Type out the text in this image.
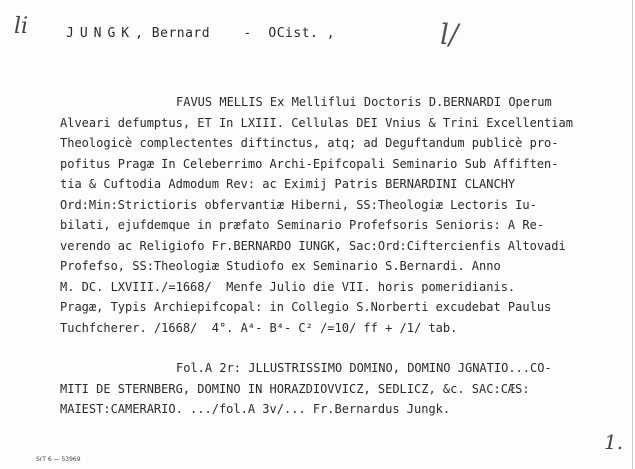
li	JUNGK, Bernard	-  OCist. ,	l/
FAVUS MELLIS Ex Melliflui Doctoris D.BERNARDI Operum
Alveari defumptus, ET In LXIII. Cellulas DEI Vnius & Trini Excellentiam
Theologicè complectentes diftinctus, atq; ad Deguftandum publicè pro-
pofitus Pragæ In Celeberrimo Archi-Epifcopali Seminario Sub Affiften-
tia & Cuftodia Admodum Rev: ac Eximij Patris BERNARDINI CLANCHY
Ord:Min:Strictioris obfervantiæ Hiberni, SS:Theologiæ Lectoris Iu-
bilati, ejufdemque in præfato Seminario Profefsoris Senioris: A Re-
verendo ac Religiofo Fr.BERNARDO IUNGK, Sac:Ord:Ciftercienfis Altovadi
Profefso, SS:Theologiæ Studiofo ex Seminario S.Bernardi. Anno
M. DC. LXVIII./=1668/  Menfe Julio die VII. horis pomeridianis.
Pragæ, Typis Archiepifcopal: in Collegio S.Norberti excudebat Paulus
Tuchfcherer. /1668/  4°. A⁴- B⁴- C² /=10/ ff + /1/ tab.
Fol.A 2r: JLLUSTRISSIMO DOMINO, DOMINO JGNATIO...CO-
MITI DE STERNBERG, DOMINO IN HORAZDIOVVICZ, SEDLICZ, &c. SAC:CÆS:
MAIEST:CAMERARIO. .../fol.A 3v/... Fr.Bernardus Jungk.
1.
SrT 6 — 53969
